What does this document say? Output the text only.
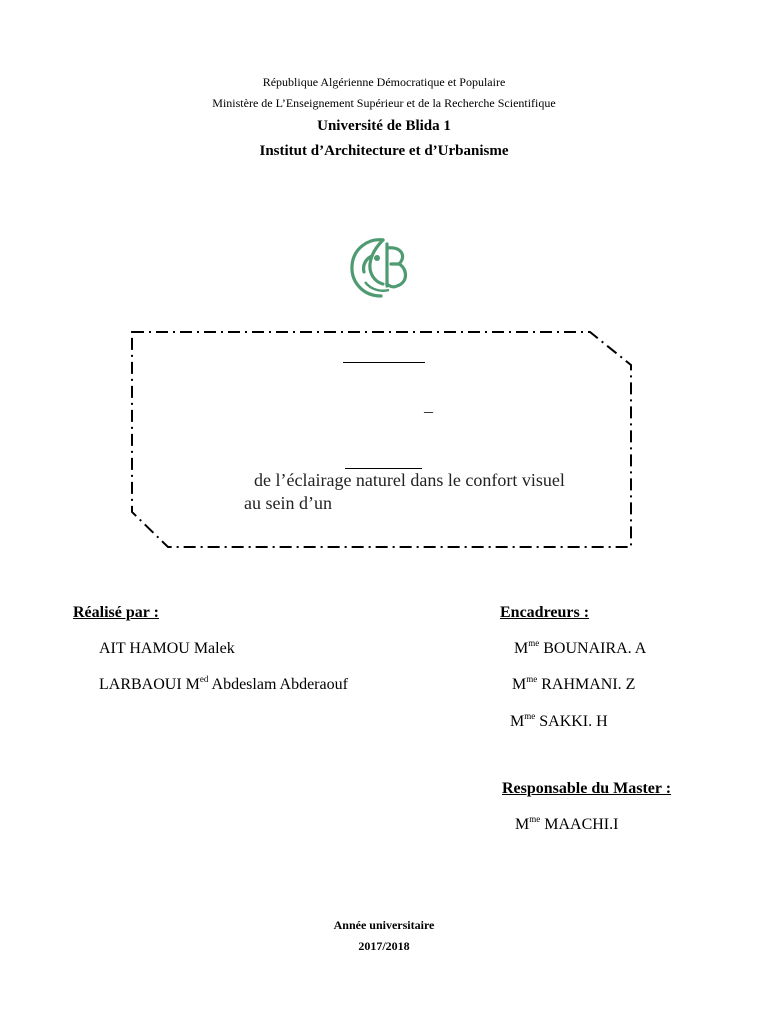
République Algérienne Démocratique et Populaire
Ministère de L’Enseignement Supérieur et de la Recherche Scientifique
Université de Blida 1
Institut d’Architecture et d’Urbanisme
–
de l’éclairage naturel dans le confort visuel
au sein d’un
Réalisé par :
AIT HAMOU Malek
LARBAOUI $M^{ed}$ Abdeslam Abderaouf
Encadreurs :
$M^{me}$ BOUNAIRA. A
$M^{me}$ RAHMANI. Z
$M^{me}$ SAKKI. H
Responsable du Master :
$M^{me}$ MAACHI.I
Année universitaire
2017/2018
